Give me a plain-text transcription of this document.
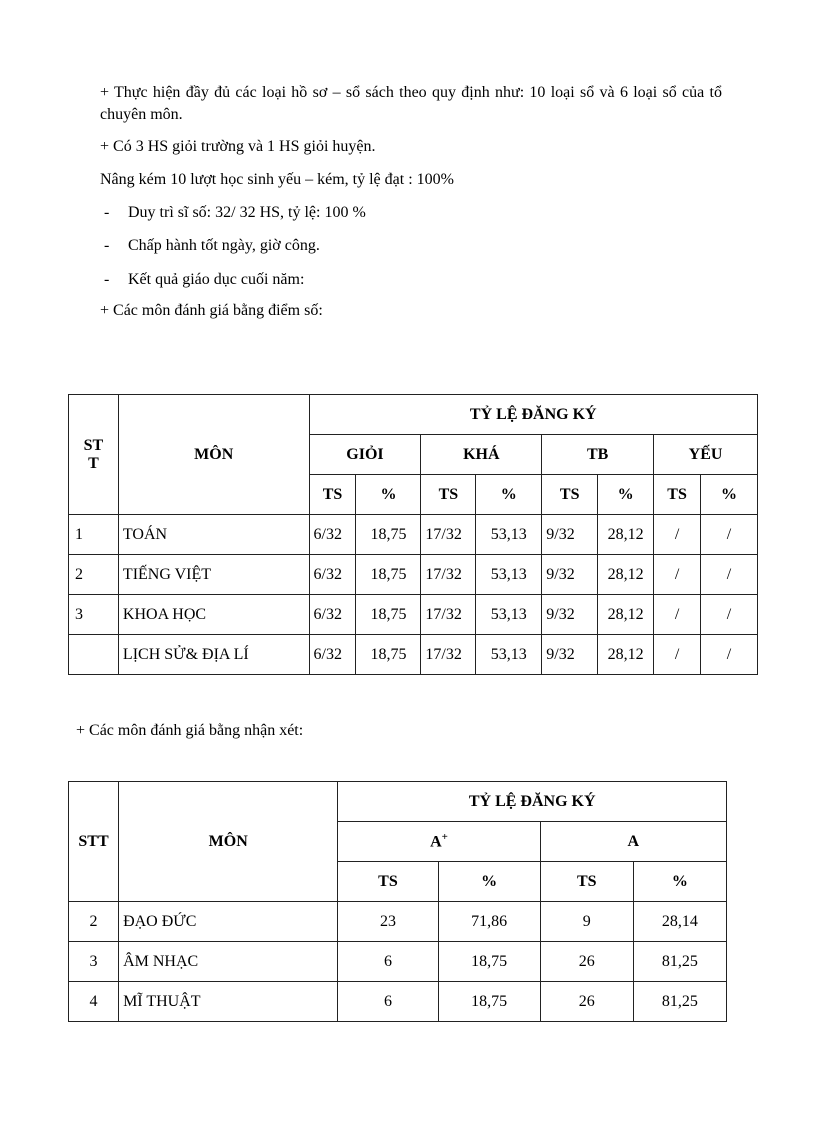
+ Thực hiện đầy đủ các loại hồ sơ – sổ sách theo quy định như: 10 loại sổ và 6 loại sổ của tổ chuyên môn.
+ Có 3 HS giỏi trường và 1 HS giỏi huyện.
Nâng kém 10 lượt học sinh yếu – kém, tỷ lệ đạt : 100%
- Duy trì sĩ số: 32/ 32 HS, tỷ lệ: 100 %
- Chấp hành tốt ngày, giờ công.
- Kết quả giáo dục cuối năm:
+ Các môn đánh giá bằng điểm số:
ST T	MÔN	TỶ LỆ ĐĂNG KÝ							
		GIỎI		KHÁ		TB		YẾU	
		TS	%	TS	%	TS	%	TS	%
1	TOÁN	6/32	18,75	17/32	53,13	9/32	28,12	/	/
2	TIẾNG VIỆT	6/32	18,75	17/32	53,13	9/32	28,12	/	/
3	KHOA HỌC	6/32	18,75	17/32	53,13	9/32	28,12	/	/
	LỊCH SỬ& ĐỊA LÍ	6/32	18,75	17/32	53,13	9/32	28,12	/	/
+ Các môn đánh giá bằng nhận xét:
STT	MÔN	TỶ LỆ ĐĂNG KÝ			
		A+		A	
		TS	%	TS	%
2	ĐẠO ĐỨC	23	71,86	9	28,14
3	ÂM NHẠC	6	18,75	26	81,25
4	MĨ THUẬT	6	18,75	26	81,25
